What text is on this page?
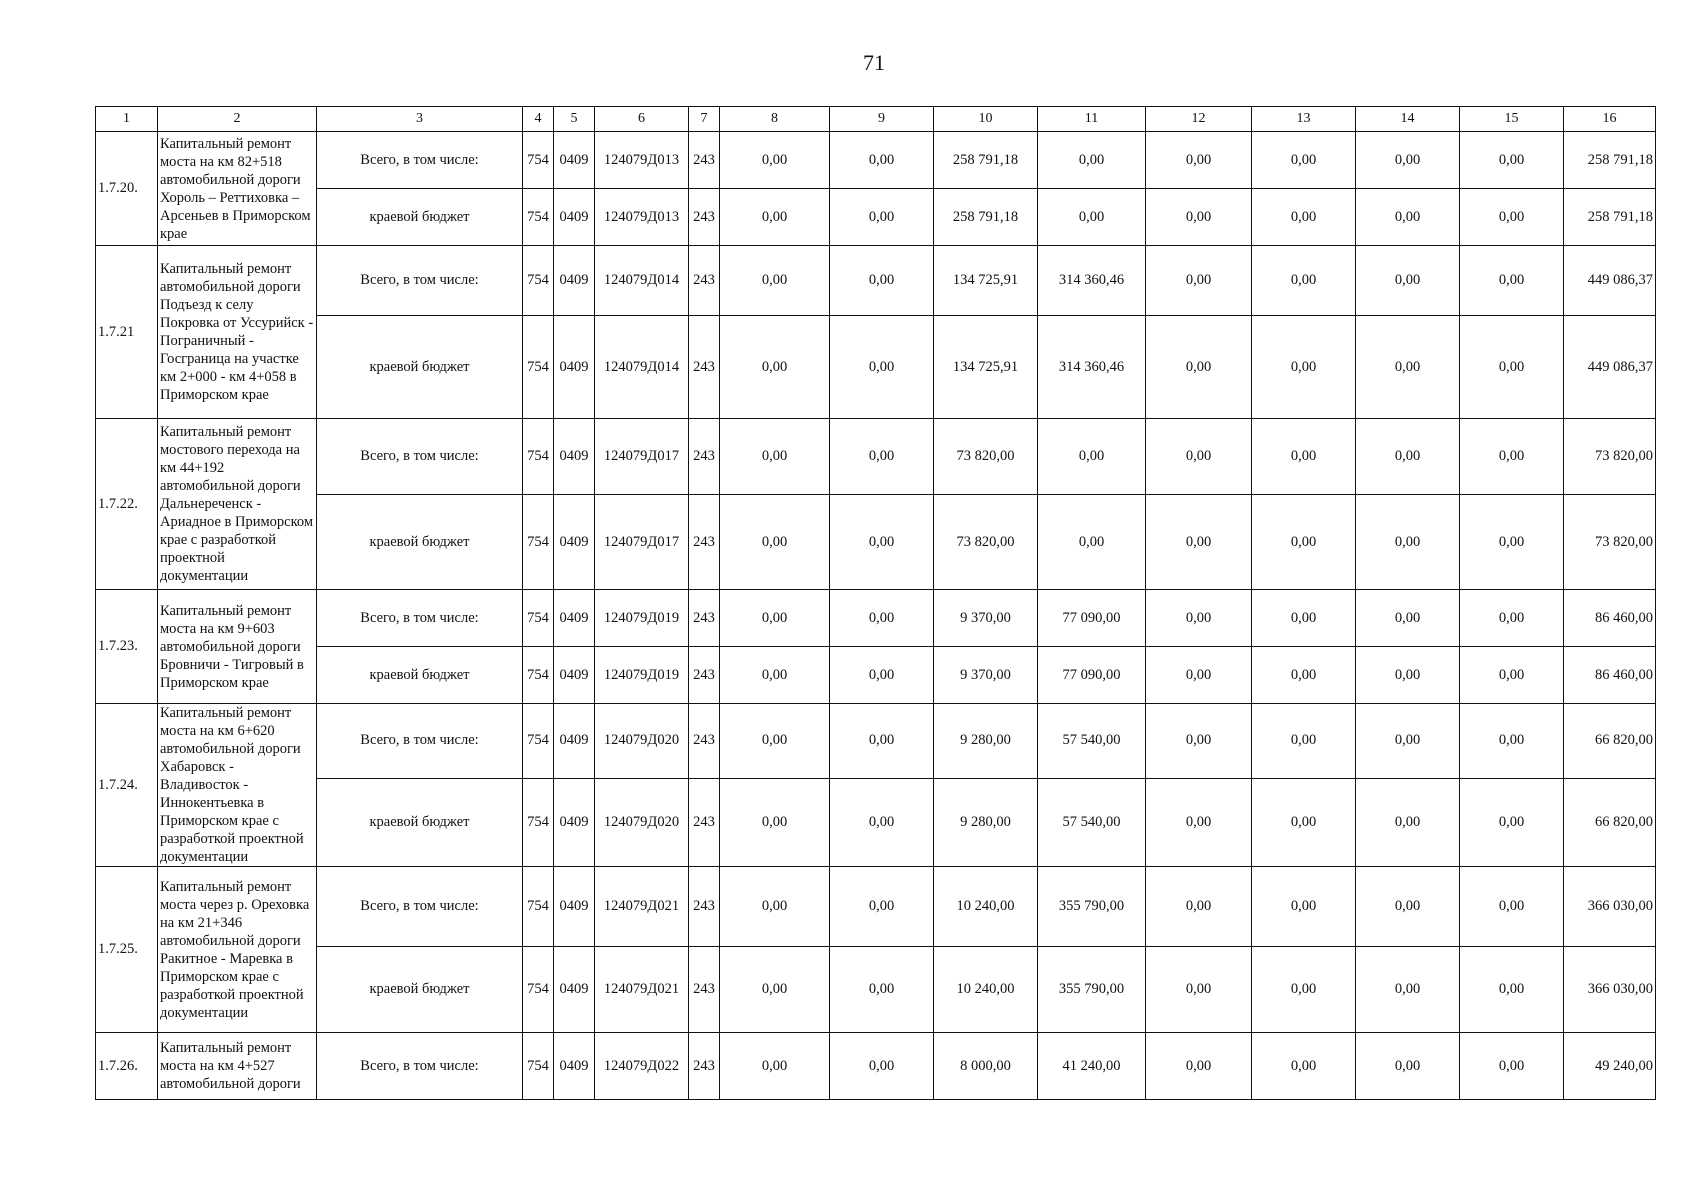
71
1	2	3	4	5	6	7	8	9	10	11	12	13	14	15	16
1.7.20.	Капитальный ремонт моста на км 82+518 автомобильной дороги Хороль – Реттиховка – Арсеньев в Приморском крае	Всего, в том числе:	754	0409	124079Д013	243	0,00	0,00	258 791,18	0,00	0,00	0,00	0,00	0,00	258 791,18
		краевой бюджет	754	0409	124079Д013	243	0,00	0,00	258 791,18	0,00	0,00	0,00	0,00	0,00	258 791,18
1.7.21	Капитальный ремонт автомобильной дороги Подъезд к селу Покровка от Уссурийск - Пограничный - Госграница на участке км 2+000 - км 4+058 в Приморском крае	Всего, в том числе:	754	0409	124079Д014	243	0,00	0,00	134 725,91	314 360,46	0,00	0,00	0,00	0,00	449 086,37
		краевой бюджет	754	0409	124079Д014	243	0,00	0,00	134 725,91	314 360,46	0,00	0,00	0,00	0,00	449 086,37
1.7.22.	Капитальный ремонт мостового перехода на км 44+192 автомобильной дороги Дальнереченск - Ариадное в Приморском крае с разработкой проектной документации	Всего, в том числе:	754	0409	124079Д017	243	0,00	0,00	73 820,00	0,00	0,00	0,00	0,00	0,00	73 820,00
		краевой бюджет	754	0409	124079Д017	243	0,00	0,00	73 820,00	0,00	0,00	0,00	0,00	0,00	73 820,00
1.7.23.	Капитальный ремонт моста на км 9+603 автомобильной дороги Бровничи - Тигровый в Приморском крае	Всего, в том числе:	754	0409	124079Д019	243	0,00	0,00	9 370,00	77 090,00	0,00	0,00	0,00	0,00	86 460,00
		краевой бюджет	754	0409	124079Д019	243	0,00	0,00	9 370,00	77 090,00	0,00	0,00	0,00	0,00	86 460,00
1.7.24.	Капитальный ремонт моста на км 6+620 автомобильной дороги Хабаровск - Владивосток - Иннокентьевка в Приморском крае с разработкой проектной документации	Всего, в том числе:	754	0409	124079Д020	243	0,00	0,00	9 280,00	57 540,00	0,00	0,00	0,00	0,00	66 820,00
		краевой бюджет	754	0409	124079Д020	243	0,00	0,00	9 280,00	57 540,00	0,00	0,00	0,00	0,00	66 820,00
1.7.25.	Капитальный ремонт моста через р. Ореховка на км 21+346 автомобильной дороги Ракитное - Маревка в Приморском крае с разработкой проектной документации	Всего, в том числе:	754	0409	124079Д021	243	0,00	0,00	10 240,00	355 790,00	0,00	0,00	0,00	0,00	366 030,00
		краевой бюджет	754	0409	124079Д021	243	0,00	0,00	10 240,00	355 790,00	0,00	0,00	0,00	0,00	366 030,00
1.7.26.	Капитальный ремонт моста на км 4+527 автомобильной дороги	Всего, в том числе:	754	0409	124079Д022	243	0,00	0,00	8 000,00	41 240,00	0,00	0,00	0,00	0,00	49 240,00
